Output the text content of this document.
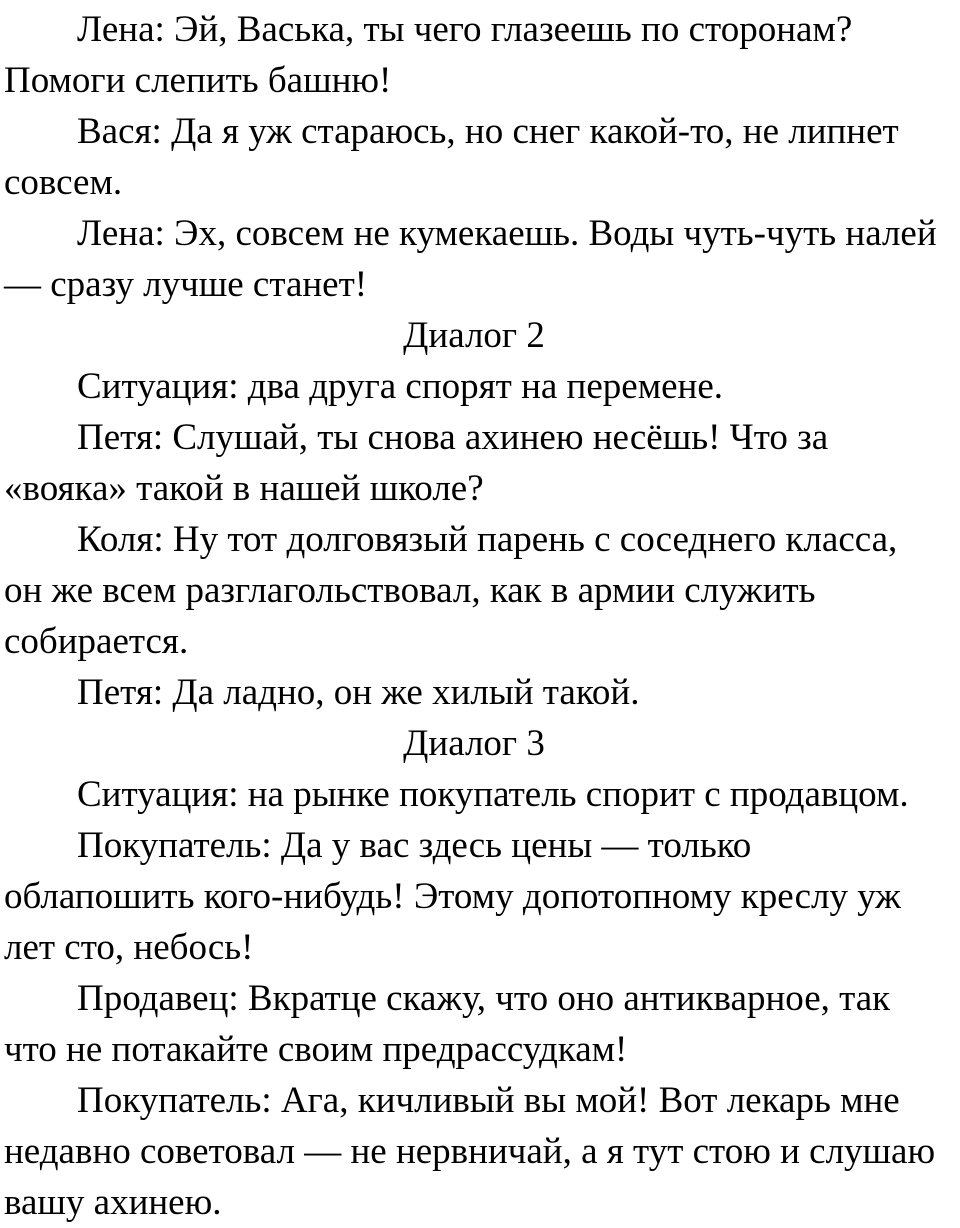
Лена: Эй, Васька, ты чего глазеешь по сторонам? Помоги слепить башню!

Вася: Да я уж стараюсь, но снег какой-то, не липнет совсем.

Лена: Эх, совсем не кумекаешь. Воды чуть-чуть налей — сразу лучше станет!

Диалог 2

Ситуация: два друга спорят на перемене.

Петя: Слушай, ты снова ахинею несёшь! Что за «вояка» такой в нашей школе?

Коля: Ну тот долговязый парень с соседнего класса, он же всем разглагольствовал, как в армии служить собирается.

Петя: Да ладно, он же хилый такой.

Диалог 3

Ситуация: на рынке покупатель спорит с продавцом.

Покупатель: Да у вас здесь цены — только облапошить кого-нибудь! Этому допотопному креслу уж лет сто, небось!

Продавец: Вкратце скажу, что оно антикварное, так что не потакайте своим предрассудкам!

Покупатель: Ага, кичливый вы мой! Вот лекарь мне недавно советовал — не нервничай, а я тут стою и слушаю вашу ахинею.
